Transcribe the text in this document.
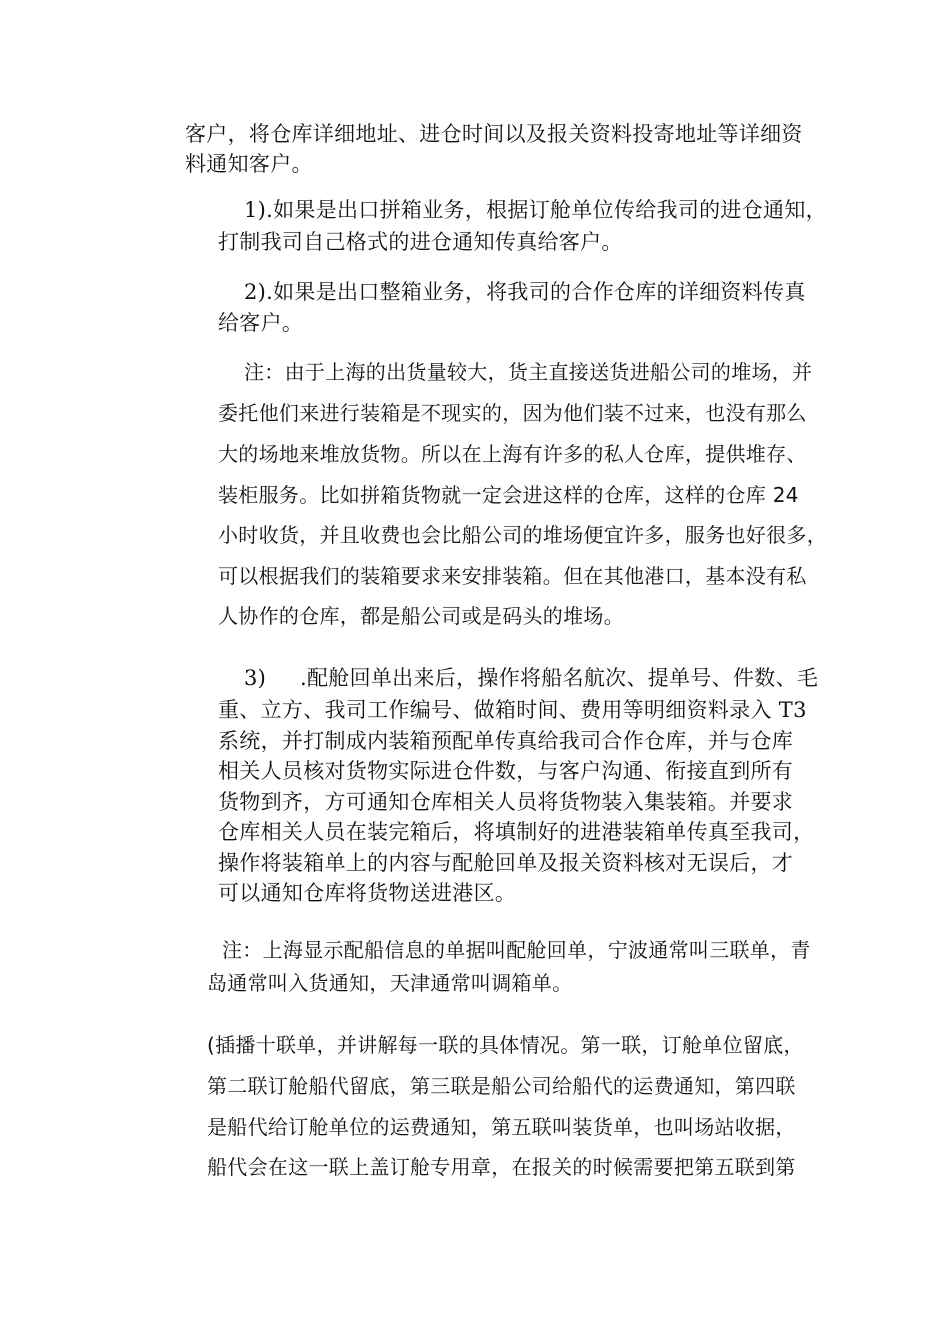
客户，将仓库详细地址、进仓时间以及报关资料投寄地址等详细资
料通知客户。
1).如果是出口拼箱业务，根据订舱单位传给我司的进仓通知，
打制我司自己格式的进仓通知传真给客户。
2).如果是出口整箱业务，将我司的合作仓库的详细资料传真
给客户。
注：由于上海的出货量较大，货主直接送货进船公司的堆场，并
委托他们来进行装箱是不现实的，因为他们装不过来，也没有那么
大的场地来堆放货物。所以在上海有许多的私人仓库，提供堆存、
装柜服务。比如拼箱货物就一定会进这样的仓库，这样的仓库 24
小时收货，并且收费也会比船公司的堆场便宜许多，服务也好很多，
可以根据我们的装箱要求来安排装箱。但在其他港口，基本没有私
人协作的仓库，都是船公司或是码头的堆场。
3) .配舱回单出来后，操作将船名航次、提单号、件数、毛
重、立方、我司工作编号、做箱时间、费用等明细资料录入 T3
系统，并打制成内装箱预配单传真给我司合作仓库，并与仓库
相关人员核对货物实际进仓件数，与客户沟通、衔接直到所有
货物到齐，方可通知仓库相关人员将货物装入集装箱。并要求
仓库相关人员在装完箱后，将填制好的进港装箱单传真至我司，
操作将装箱单上的内容与配舱回单及报关资料核对无误后，才
可以通知仓库将货物送进港区。
注：上海显示配船信息的单据叫配舱回单，宁波通常叫三联单，青
岛通常叫入货通知，天津通常叫调箱单。
(插播十联单，并讲解每一联的具体情况。第一联，订舱单位留底，
第二联订舱船代留底，第三联是船公司给船代的运费通知，第四联
是船代给订舱单位的运费通知，第五联叫装货单，也叫场站收据，
船代会在这一联上盖订舱专用章，在报关的时候需要把第五联到第
